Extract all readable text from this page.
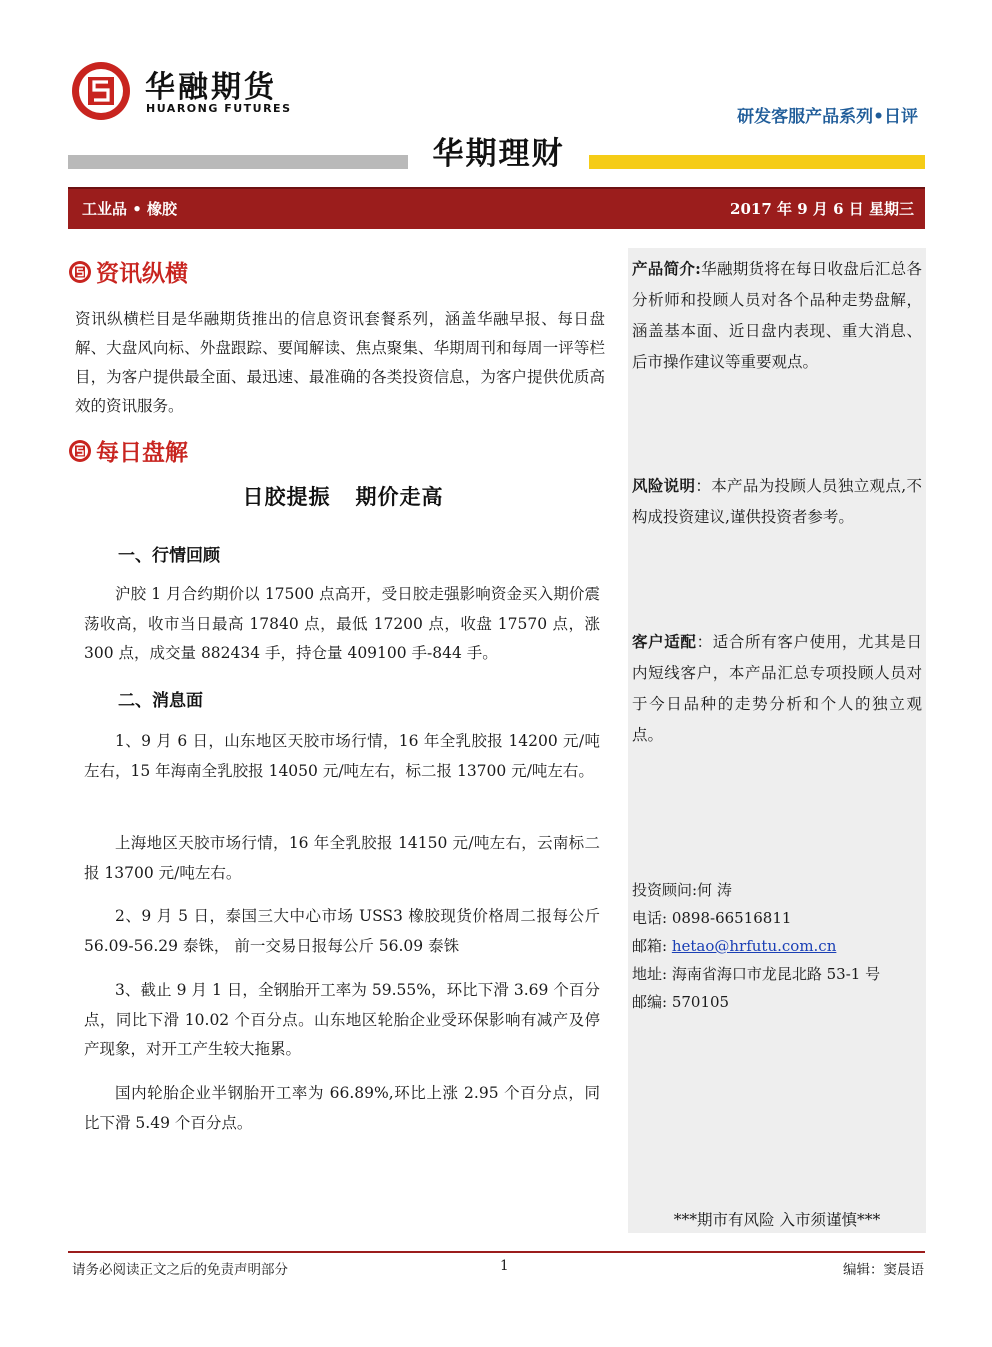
华融期货
HUARONG FUTURES	研发客服产品系列•日评
华期理财
工业品 • 橡胶	2017 年 9 月 6 日 星期三
产品简介:华融期货将在每日收盘后汇总各分析师和投顾人员对各个品种走势盘解，涵盖基本面、近日盘内表现、重大消息、后市操作建议等重要观点。
风险说明：本产品为投顾人员独立观点,不构成投资建议,谨供投资者参考。
客户适配：适合所有客户使用，尤其是日内短线客户，本产品汇总专项投顾人员对于今日品种的走势分析和个人的独立观点。
投资顾问:何 涛
电话: 0898-66516811
邮箱: hetao@hrfutu.com.cn
地址: 海南省海口市龙昆北路 53-1 号
邮编: 570105
***期市有风险 入市须谨慎***
资讯纵横
资讯纵横栏目是华融期货推出的信息资讯套餐系列，涵盖华融早报、每日盘解、大盘风向标、外盘跟踪、要闻解读、焦点聚集、华期周刊和每周一评等栏目，为客户提供最全面、最迅速、最准确的各类投资信息，为客户提供优质高效的资讯服务。
每日盘解
日胶提振   期价走高
一、行情回顾
沪胶 1 月合约期价以 17500 点高开，受日胶走强影响资金买入期价震荡收高，收市当日最高 17840 点，最低 17200 点，收盘 17570 点，涨 300 点，成交量 882434 手，持仓量 409100 手-844 手。
二、消息面
1、9 月 6 日，山东地区天胶市场行情，16 年全乳胶报 14200 元/吨左右，15 年海南全乳胶报 14050 元/吨左右，标二报 13700 元/吨左右。
上海地区天胶市场行情，16 年全乳胶报 14150 元/吨左右，云南标二报 13700 元/吨左右。
2、9 月 5 日，泰国三大中心市场 USS3 橡胶现货价格周二报每公斤 56.09-56.29 泰铢， 前一交易日报每公斤 56.09 泰铢
3、截止 9 月 1 日，全钢胎开工率为 59.55%，环比下滑 3.69 个百分点，同比下滑 10.02 个百分点。山东地区轮胎企业受环保影响有减产及停产现象，对开工产生较大拖累。
国内轮胎企业半钢胎开工率为 66.89%,环比上涨 2.95 个百分点，同比下滑 5.49 个百分点。
请务必阅读正文之后的免责声明部分	1	编辑：窦晨语
